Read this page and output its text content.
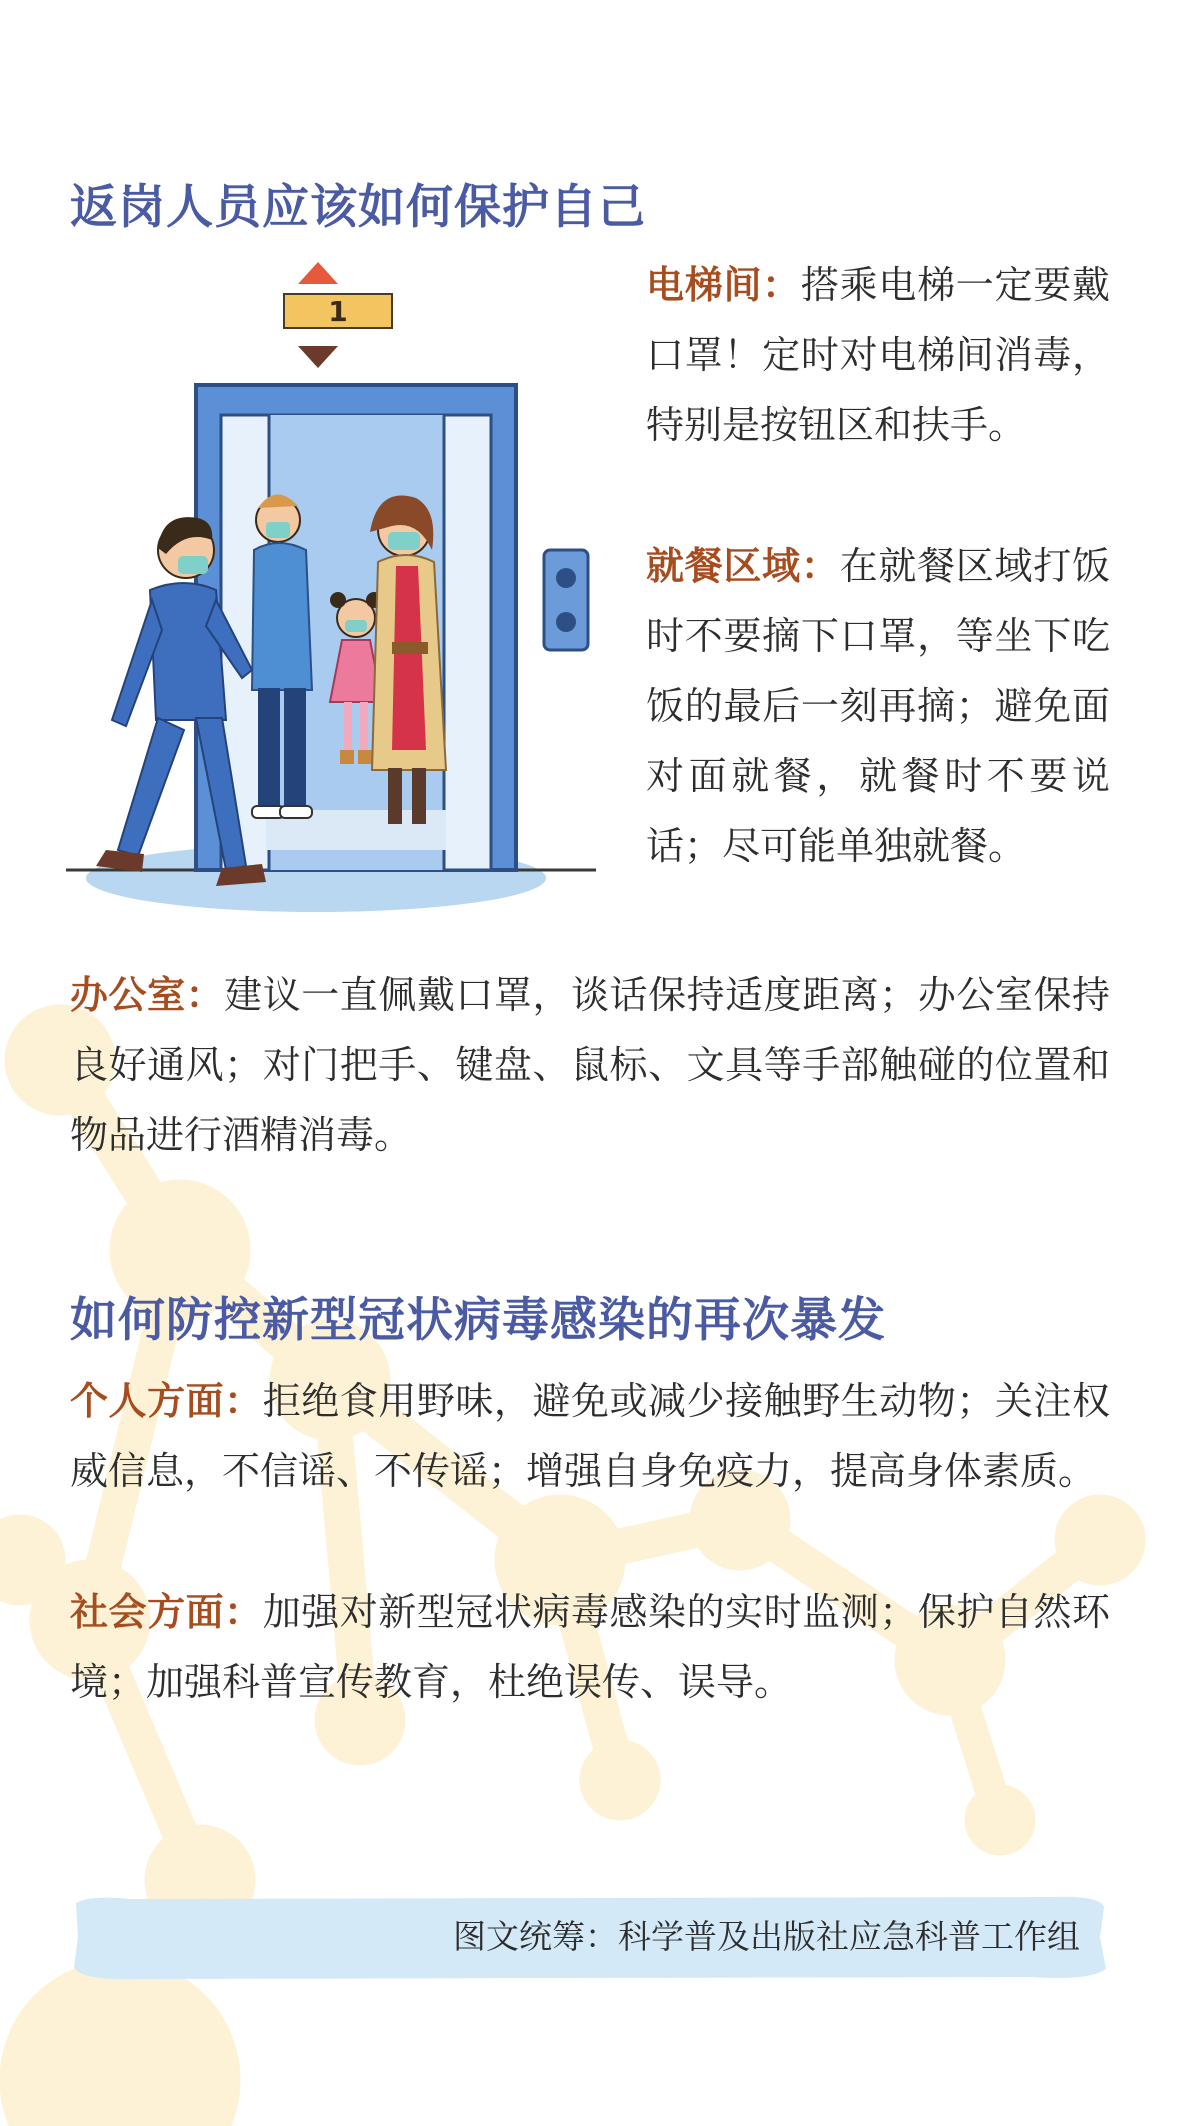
返岗人员应该如何保护自己
1

电梯间：搭乘电梯一定要戴口罩！定时对电梯间消毒，特别是按钮区和扶手。

就餐区域：在就餐区域打饭时不要摘下口罩，等坐下吃饭的最后一刻再摘；避免面对面就餐，就餐时不要说话；尽可能单独就餐。

办公室：建议一直佩戴口罩，谈话保持适度距离；办公室保持良好通风；对门把手、键盘、鼠标、文具等手部触碰的位置和物品进行酒精消毒。

如何防控新型冠状病毒感染的再次暴发

个人方面：拒绝食用野味，避免或减少接触野生动物；关注权威信息，不信谣、不传谣；增强自身免疫力，提高身体素质。

社会方面：加强对新型冠状病毒感染的实时监测；保护自然环境；加强科普宣传教育，杜绝误传、误导。

图文统筹：科学普及出版社应急科普工作组
